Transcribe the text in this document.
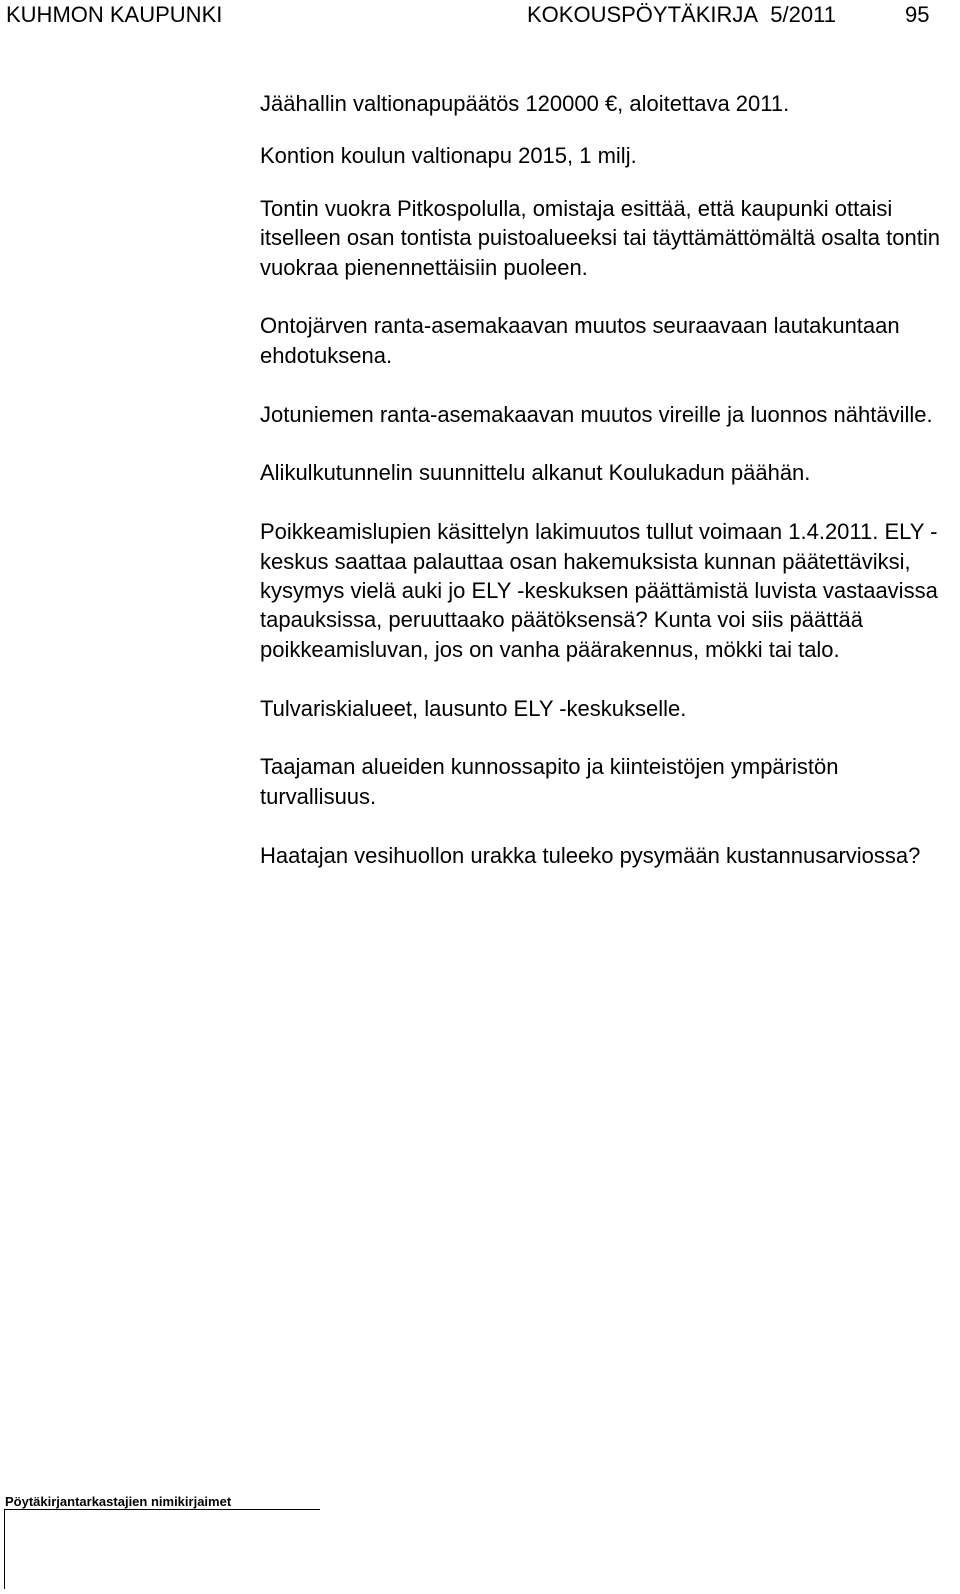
KUHMON KAUPUNKI	KOKOUSPÖYTÄKIRJA 5/2011	95

Jäähallin valtionapupäätös 120000 €, aloitettava 2011.

Kontion koulun valtionapu 2015, 1 milj.

Tontin vuokra Pitkospolulla, omistaja esittää, että kaupunki ottaisi itselleen osan tontista puistoalueeksi tai täyttämättömältä osalta tontin vuokraa pienennettäisiin puoleen.

Ontojärven ranta-asemakaavan muutos seuraavaan lautakuntaan ehdotuksena.

Jotuniemen ranta-asemakaavan muutos vireille ja luonnos nähtäville.

Alikulkutunnelin suunnittelu alkanut Koulukadun päähän.

Poikkeamislupien käsittelyn lakimuutos tullut voimaan 1.4.2011. ELY -keskus saattaa palauttaa osan hakemuksista kunnan päätettäviksi, kysymys vielä auki jo ELY -keskuksen päättämistä luvista vastaavissa tapauksissa, peruuttaako päätöksensä? Kunta voi siis päättää poikkeamisluvan, jos on vanha päärakennus, mökki tai talo.

Tulvariskialueet, lausunto ELY -keskukselle.

Taajaman alueiden kunnossapito ja kiinteistöjen ympäristön turvallisuus.

Haatajan vesihuollon urakka tuleeko pysymään kustannusarviossa?

Pöytäkirjantarkastajien nimikirjaimet
